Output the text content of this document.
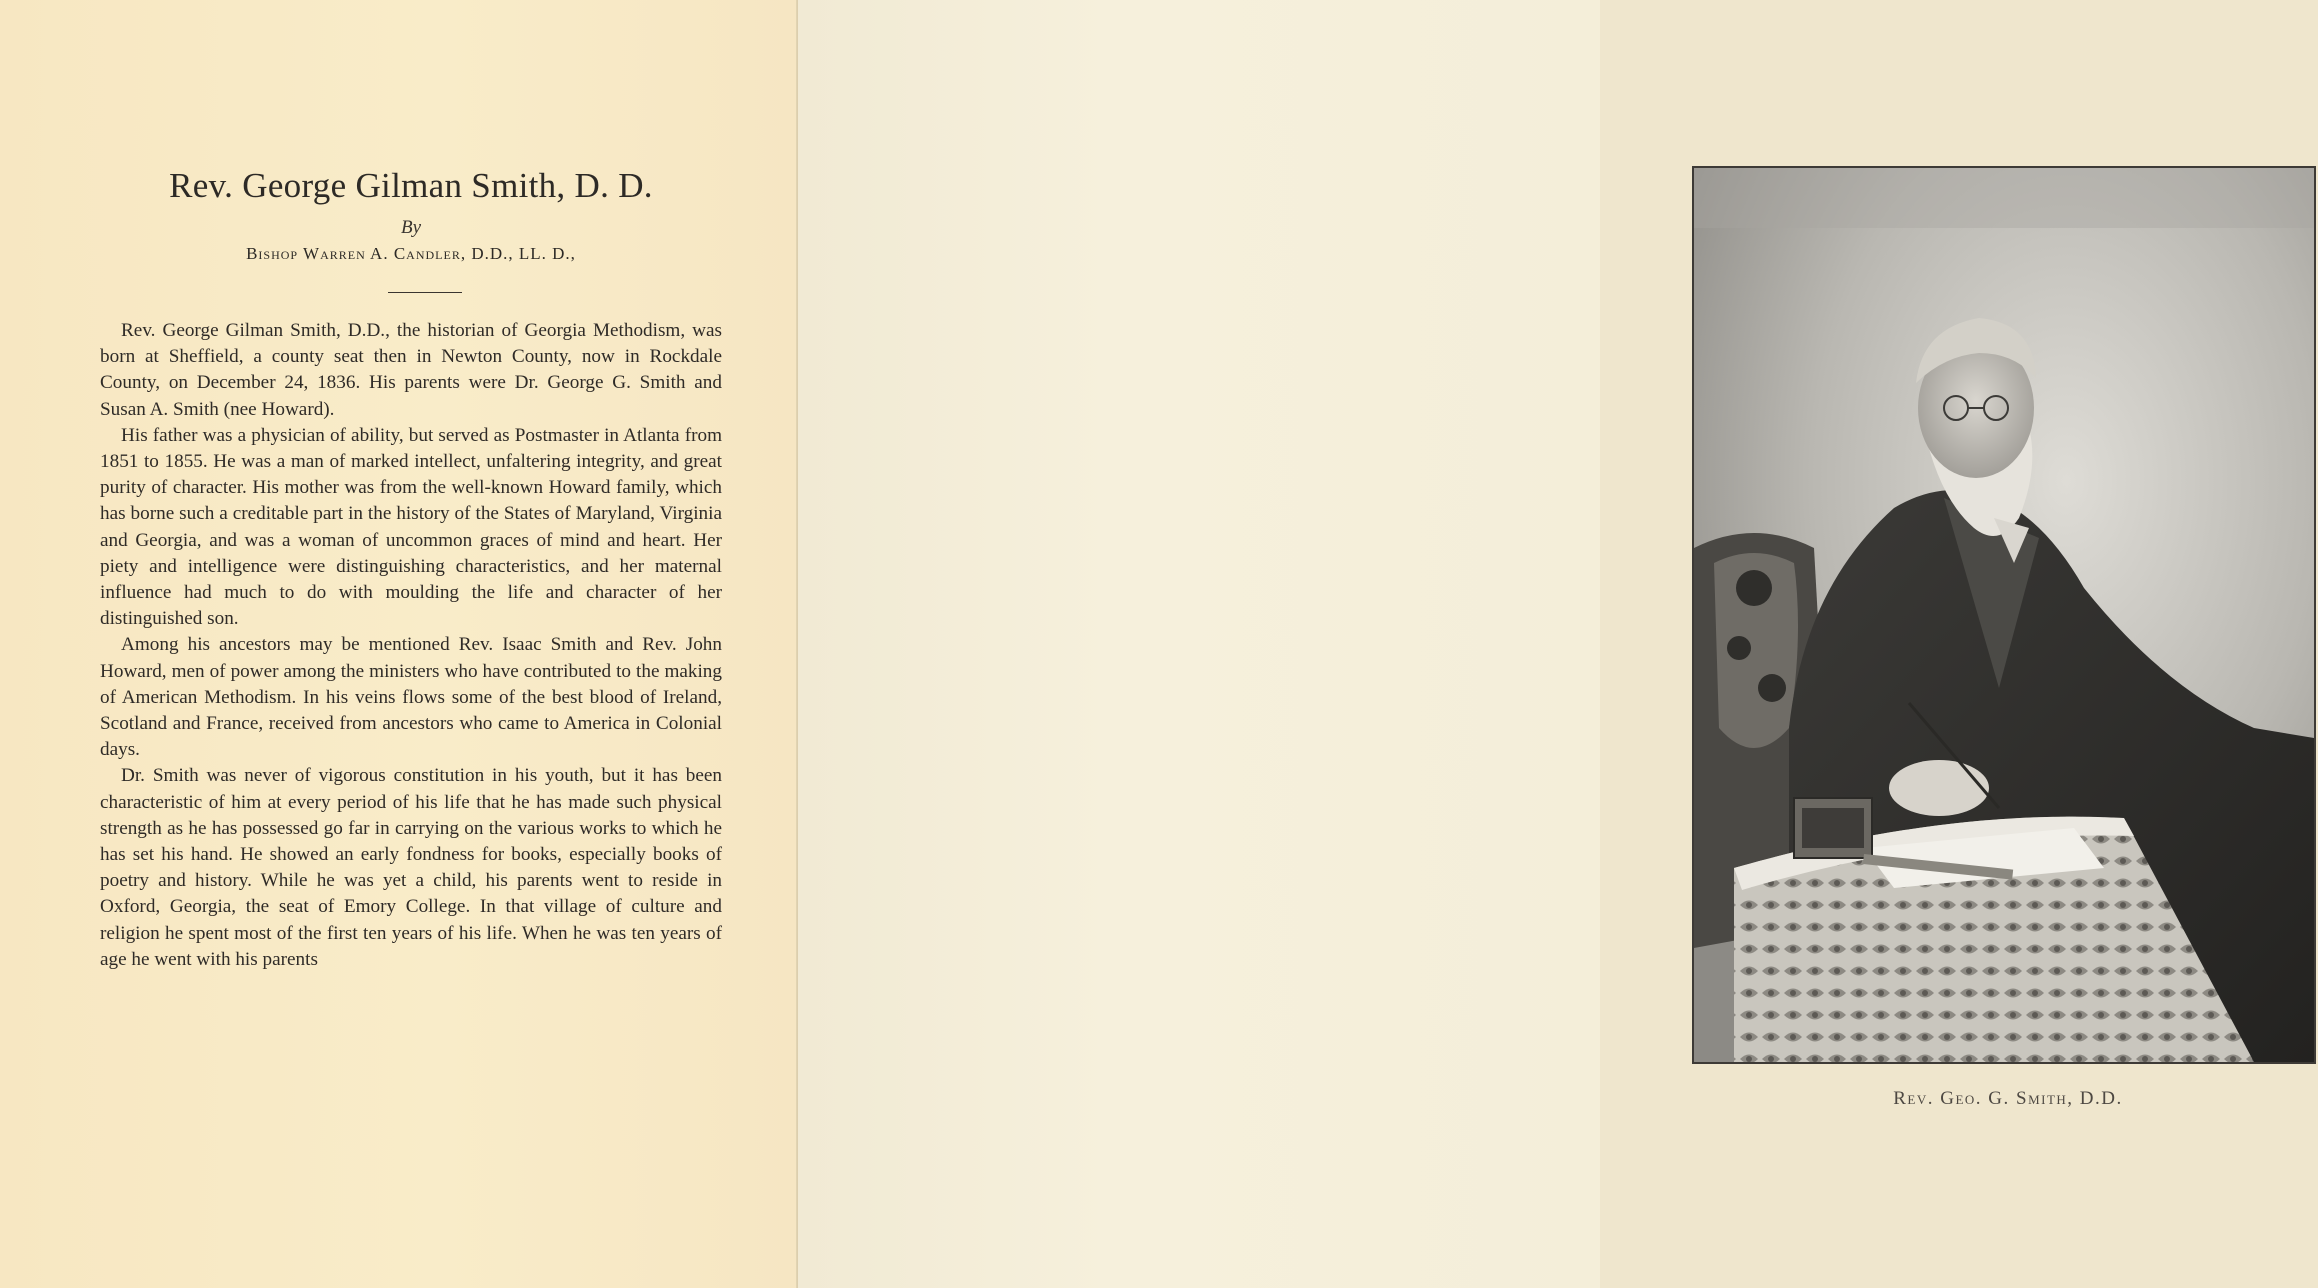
Rev. George Gilman Smith, D. D.
By
Bishop Warren A. Candler, D.D., LL. D.,

Rev. George Gilman Smith, D.D., the historian of Georgia Methodism, was born at Sheffield, a county seat then in Newton County, now in Rockdale County, on December 24, 1836. His parents were Dr. George G. Smith and Susan A. Smith (nee Howard).

His father was a physician of ability, but served as Postmaster in Atlanta from 1851 to 1855. He was a man of marked intellect, unfaltering integrity, and great purity of character. His mother was from the well-known Howard family, which has borne such a creditable part in the history of the States of Maryland, Virginia and Georgia, and was a woman of uncommon graces of mind and heart. Her piety and intelligence were distinguishing characteristics, and her maternal influence had much to do with moulding the life and character of her distinguished son.

Among his ancestors may be mentioned Rev. Isaac Smith and Rev. John Howard, men of power among the ministers who have contributed to the making of American Methodism. In his veins flows some of the best blood of Ireland, Scotland and France, received from ancestors who came to America in Colonial days.

Dr. Smith was never of vigorous constitution in his youth, but it has been characteristic of him at every period of his life that he has made such physical strength as he has possessed go far in carrying on the various works to which he has set his hand. He showed an early fondness for books, especially books of poetry and history. While he was yet a child, his parents went to reside in Oxford, Georgia, the seat of Emory College. In that village of culture and religion he spent most of the first ten years of his life. When he was ten years of age he went with his parents

Rev. Geo. G. Smith, D.D.
